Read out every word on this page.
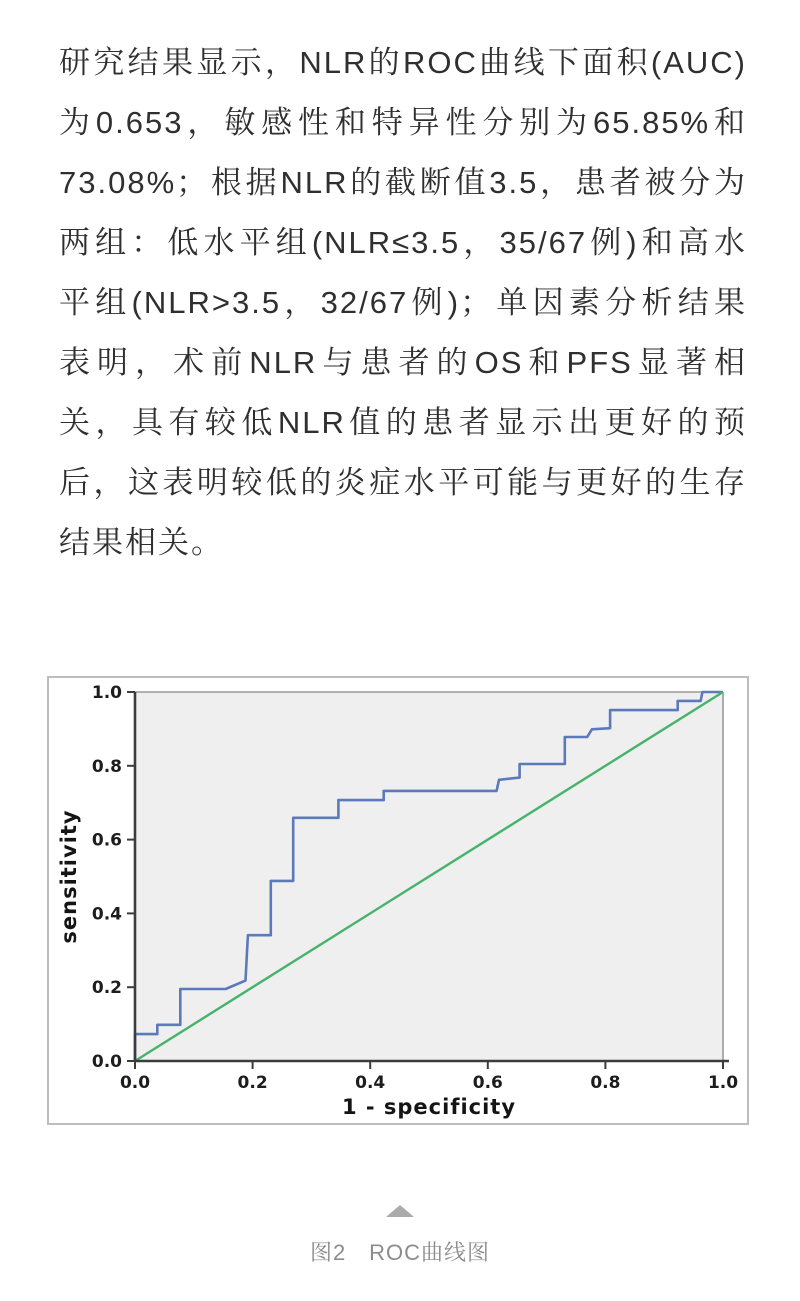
研究结果显示，NLR的ROC曲线下面积(AUC)
为0.653，敏感性和特异性分别为65.85%和
73.08%；根据NLR的截断值3.5，患者被分为
两组：低水平组(NLR≤3.5，35/67例)和高水
平组(NLR>3.5，32/67例)；单因素分析结果
表明，术前NLR与患者的OS和PFS显著相
关，具有较低NLR值的患者显示出更好的预
后，这表明较低的炎症水平可能与更好的生存
结果相关。
0.0	0.2	0.4	0.6	0.8	1.0
0.0
0.2
0.4
0.6
0.8
1.0
1 - specificity
sensitivity
图2　ROC曲线图
